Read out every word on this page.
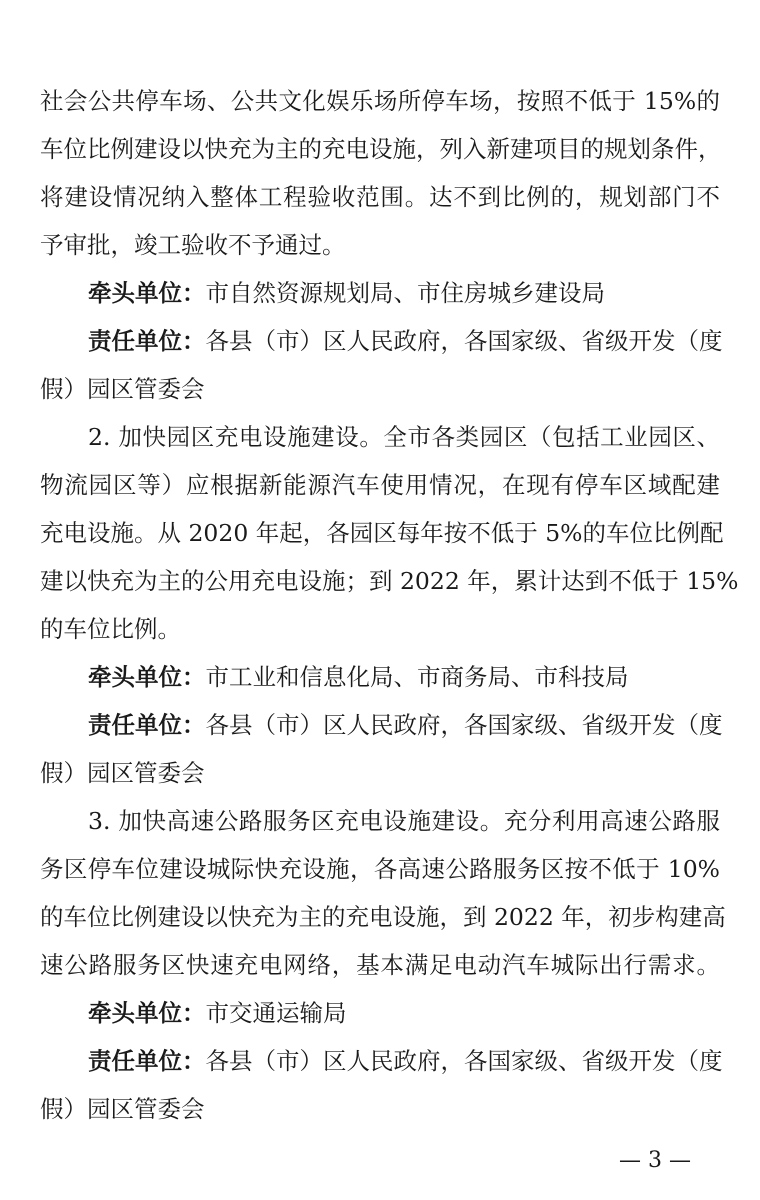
社会公共停车场、公共文化娱乐场所停车场，按照不低于 15%的
车位比例建设以快充为主的充电设施，列入新建项目的规划条件，
将建设情况纳入整体工程验收范围。达不到比例的，规划部门不
予审批，竣工验收不予通过。
牵头单位：市自然资源规划局、市住房城乡建设局
责任单位：各县（市）区人民政府，各国家级、省级开发（度
假）园区管委会
2. 加快园区充电设施建设。全市各类园区（包括工业园区、
物流园区等）应根据新能源汽车使用情况，在现有停车区域配建
充电设施。从 2020 年起，各园区每年按不低于 5%的车位比例配
建以快充为主的公用充电设施；到 2022 年，累计达到不低于 15%
的车位比例。
牵头单位：市工业和信息化局、市商务局、市科技局
责任单位：各县（市）区人民政府，各国家级、省级开发（度
假）园区管委会
3. 加快高速公路服务区充电设施建设。充分利用高速公路服
务区停车位建设城际快充设施，各高速公路服务区按不低于 10%
的车位比例建设以快充为主的充电设施，到 2022 年，初步构建高
速公路服务区快速充电网络，基本满足电动汽车城际出行需求。
牵头单位：市交通运输局
责任单位：各县（市）区人民政府，各国家级、省级开发（度
假）园区管委会
— 3 —
